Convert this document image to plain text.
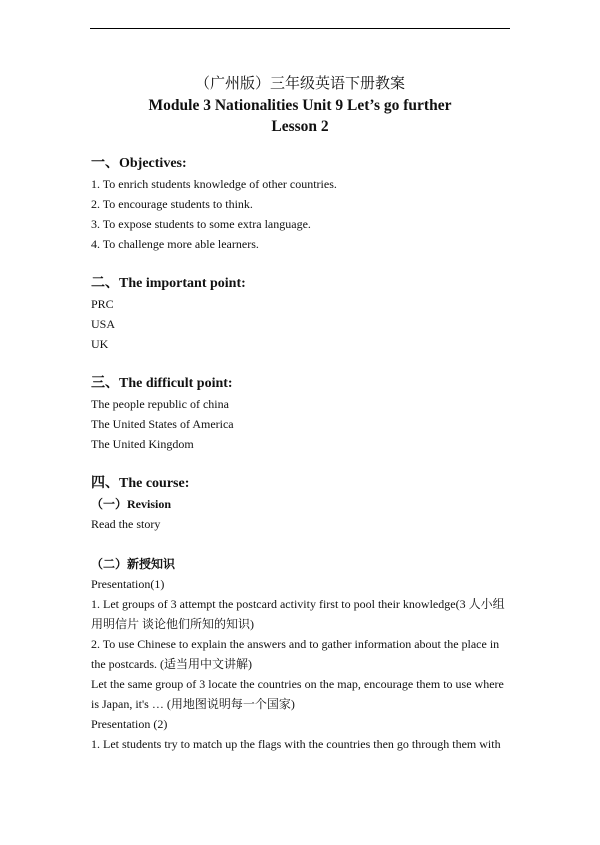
（广州版）三年级英语下册教案
Module 3 Nationalities Unit 9 Let’s go further
Lesson 2
一、Objectives:

1. To enrich students knowledge of other countries.

2. To encourage students to think.

3. To expose students to some extra language.

4. To challenge more able learners.

二、The important point:

PRC

USA

UK

三、The difficult point:

The people republic of china

The United States of America

The United Kingdom

四、The course:

（一）Revision

Read the story

（二）新授知识

Presentation(1)

1. Let groups of 3 attempt the postcard activity first to pool their knowledge(3 人小组

用明信片 谈论他们所知的知识)

2. To use Chinese to explain the answers and to gather information about the place in

the postcards. (适当用中文讲解)

Let the same group of 3 locate the countries on the map, encourage them to use where

is Japan, it's … (用地图说明每一个国家)

Presentation (2)

1. Let students try to match up the flags with the countries then go through them with
